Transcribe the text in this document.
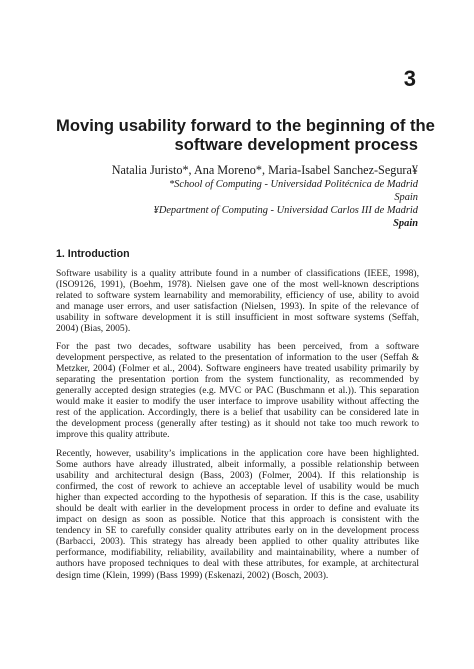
3
Moving usability forward to the beginning of the
software development process
Natalia Juristo*, Ana Moreno*, Maria-Isabel Sanchez-Segura¥
*School of Computing - Universidad Politécnica de Madrid
Spain
¥Department of Computing - Universidad Carlos III de Madrid
Spain
1. Introduction
Software usability is a quality attribute found in a number of classifications (IEEE, 1998),
(ISO9126, 1991), (Boehm, 1978). Nielsen gave one of the most well-known descriptions
related to software system learnability and memorability, efficiency of use, ability to avoid
and manage user errors, and user satisfaction (Nielsen, 1993). In spite of the relevance of
usability in software development it is still insufficient in most software systems (Seffah,
2004) (Bias, 2005).
For the past two decades, software usability has been perceived, from a software
development perspective, as related to the presentation of information to the user (Seffah &
Metzker, 2004) (Folmer et al., 2004). Software engineers have treated usability primarily by
separating the presentation portion from the system functionality, as recommended by
generally accepted design strategies (e.g. MVC or PAC (Buschmann et al.)). This separation
would make it easier to modify the user interface to improve usability without affecting the
rest of the application. Accordingly, there is a belief that usability can be considered late in
the development process (generally after testing) as it should not take too much rework to
improve this quality attribute.
Recently, however, usability’s implications in the application core have been highlighted.
Some authors have already illustrated, albeit informally, a possible relationship between
usability and architectural design (Bass, 2003) (Folmer, 2004). If this relationship is
confirmed, the cost of rework to achieve an acceptable level of usability would be much
higher than expected according to the hypothesis of separation. If this is the case, usability
should be dealt with earlier in the development process in order to define and evaluate its
impact on design as soon as possible. Notice that this approach is consistent with the
tendency in SE to carefully consider quality attributes early on in the development process
(Barbacci, 2003). This strategy has already been applied to other quality attributes like
performance, modifiability, reliability, availability and maintainability, where a number of
authors have proposed techniques to deal with these attributes, for example, at architectural
design time (Klein, 1999) (Bass 1999) (Eskenazi, 2002) (Bosch, 2003).
